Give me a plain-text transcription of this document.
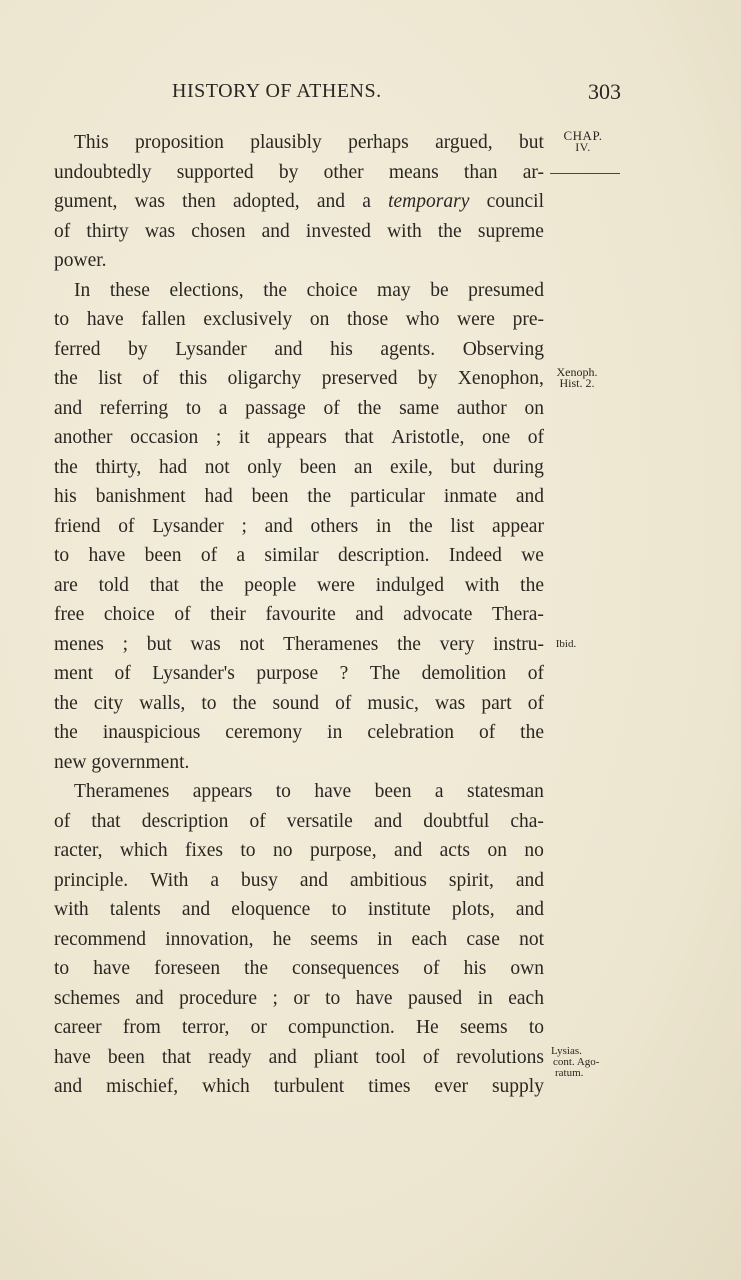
HISTORY OF ATHENS.	303
CHAP.
IV.
Xenoph.
Hist. 2.
Ibid.
Lysias.
cont. Ago-
ratum.
This proposition plausibly perhaps argued, but
undoubtedly supported by other means than ar-
gument, was then adopted, and a temporary council
of thirty was chosen and invested with the supreme
power.
In these elections, the choice may be presumed
to have fallen exclusively on those who were pre-
ferred by Lysander and his agents. Observing
the list of this oligarchy preserved by Xenophon,
and referring to a passage of the same author on
another occasion ; it appears that Aristotle, one of
the thirty, had not only been an exile, but during
his banishment had been the particular inmate and
friend of Lysander ; and others in the list appear
to have been of a similar description. Indeed we
are told that the people were indulged with the
free choice of their favourite and advocate Thera-
menes ; but was not Theramenes the very instru-
ment of Lysander's purpose ? The demolition of
the city walls, to the sound of music, was part of
the inauspicious ceremony in celebration of the
new government.
Theramenes appears to have been a statesman
of that description of versatile and doubtful cha-
racter, which fixes to no purpose, and acts on no
principle. With a busy and ambitious spirit, and
with talents and eloquence to institute plots, and
recommend innovation, he seems in each case not
to have foreseen the consequences of his own
schemes and procedure ; or to have paused in each
career from terror, or compunction. He seems to
have been that ready and pliant tool of revolutions
and mischief, which turbulent times ever supply
